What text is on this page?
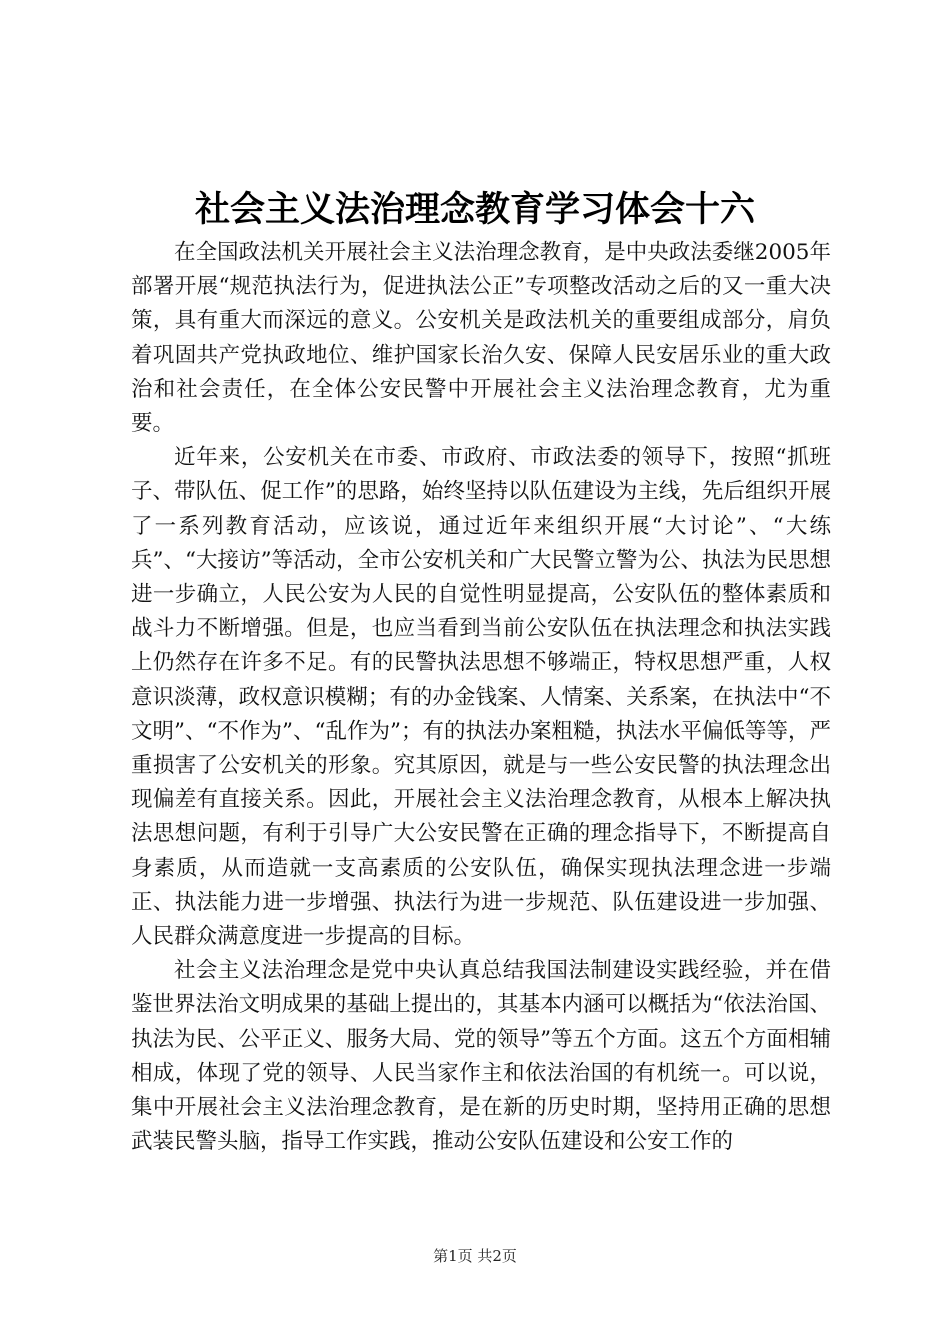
社会主义法治理念教育学习体会十六

在全国政法机关开展社会主义法治理念教育，是中央政法委继2005年部署开展“规范执法行为，促进执法公正”专项整改活动之后的又一重大决策，具有重大而深远的意义。公安机关是政法机关的重要组成部分，肩负着巩固共产党执政地位、维护国家长治久安、保障人民安居乐业的重大政治和社会责任，在全体公安民警中开展社会主义法治理念教育，尤为重要。

近年来，公安机关在市委、市政府、市政法委的领导下，按照“抓班子、带队伍、促工作”的思路，始终坚持以队伍建设为主线，先后组织开展了一系列教育活动，应该说，通过近年来组织开展“大讨论”、“大练兵”、“大接访”等活动，全市公安机关和广大民警立警为公、执法为民思想进一步确立，人民公安为人民的自觉性明显提高，公安队伍的整体素质和战斗力不断增强。但是，也应当看到当前公安队伍在执法理念和执法实践上仍然存在许多不足。有的民警执法思想不够端正，特权思想严重，人权意识淡薄，政权意识模糊；有的办金钱案、人情案、关系案，在执法中“不文明”、“不作为”、“乱作为”；有的执法办案粗糙，执法水平偏低等等，严重损害了公安机关的形象。究其原因，就是与一些公安民警的执法理念出现偏差有直接关系。因此，开展社会主义法治理念教育，从根本上解决执法思想问题，有利于引导广大公安民警在正确的理念指导下，不断提高自身素质，从而造就一支高素质的公安队伍，确保实现执法理念进一步端正、执法能力进一步增强、执法行为进一步规范、队伍建设进一步加强、人民群众满意度进一步提高的目标。

社会主义法治理念是党中央认真总结我国法制建设实践经验，并在借鉴世界法治文明成果的基础上提出的，其基本内涵可以概括为“依法治国、执法为民、公平正义、服务大局、党的领导”等五个方面。这五个方面相辅相成，体现了党的领导、人民当家作主和依法治国的有机统一。可以说，集中开展社会主义法治理念教育，是在新的历史时期，坚持用正确的思想武装民警头脑，指导工作实践，推动公安队伍建设和公安工作的

第1页 共2页
